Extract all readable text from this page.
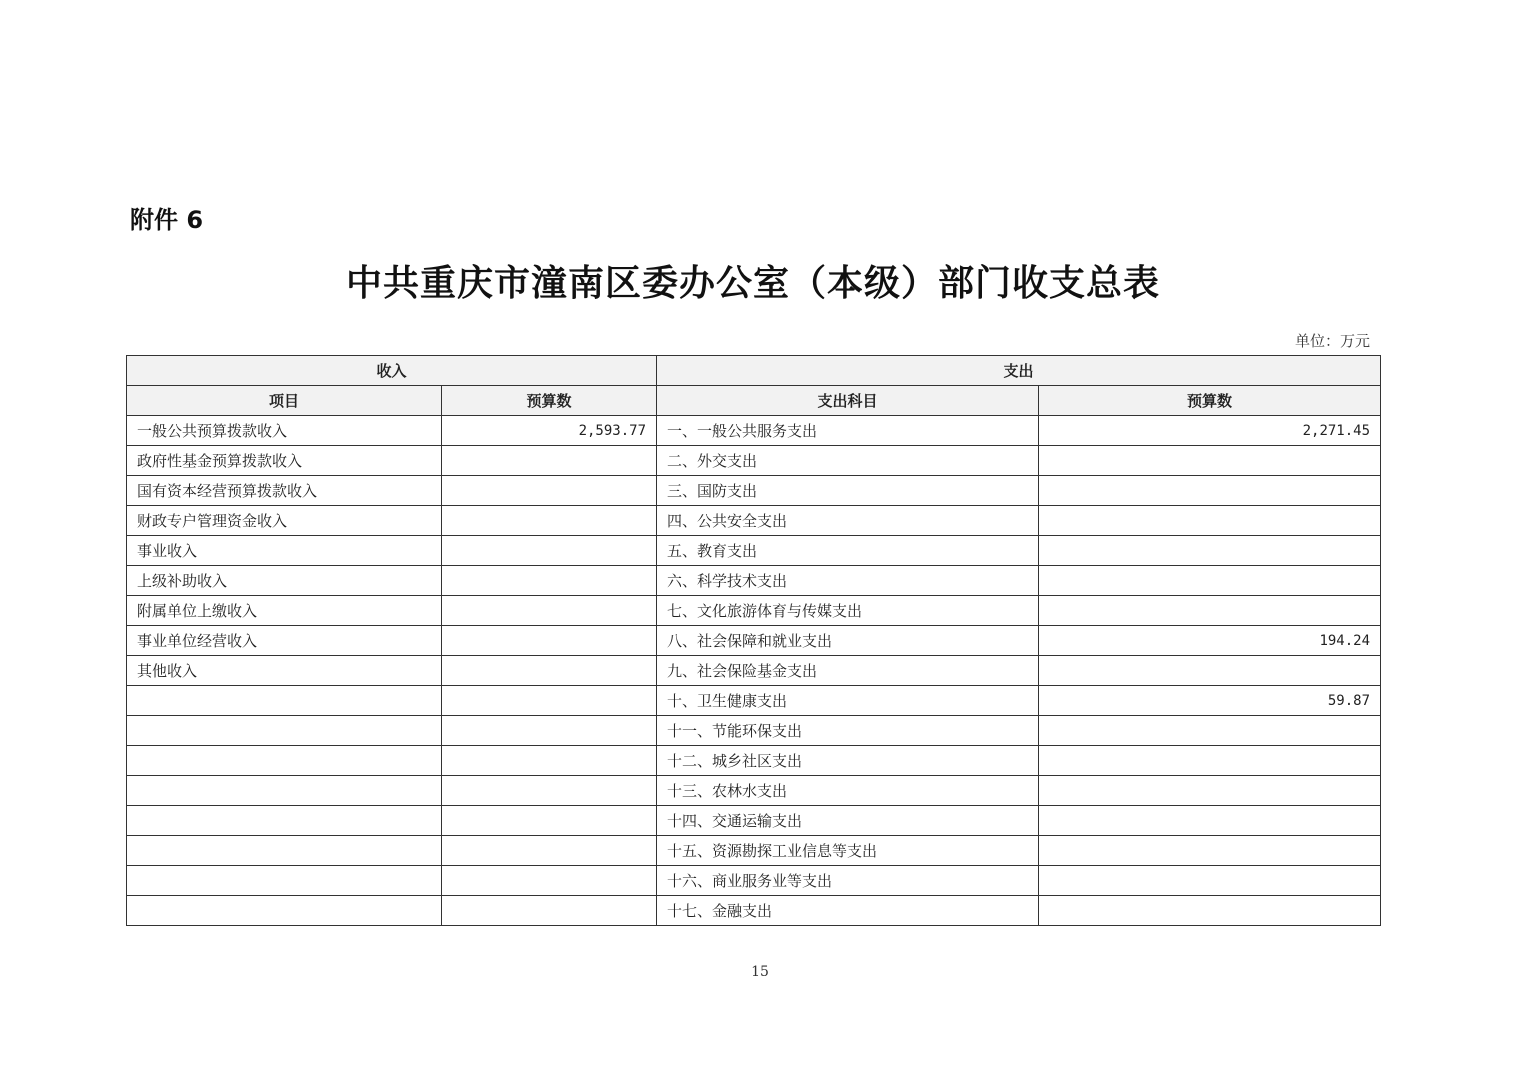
附件 6
中共重庆市潼南区委办公室（本级）部门收支总表
单位：万元
收入		支出	
项目	预算数	支出科目	预算数
一般公共预算拨款收入	2,593.77	一、一般公共服务支出	2,271.45
政府性基金预算拨款收入		二、外交支出	
国有资本经营预算拨款收入		三、国防支出	
财政专户管理资金收入		四、公共安全支出	
事业收入		五、教育支出	
上级补助收入		六、科学技术支出	
附属单位上缴收入		七、文化旅游体育与传媒支出	
事业单位经营收入		八、社会保障和就业支出	194.24
其他收入		九、社会保险基金支出	
		十、卫生健康支出	59.87
		十一、节能环保支出	
		十二、城乡社区支出	
		十三、农林水支出	
		十四、交通运输支出	
		十五、资源勘探工业信息等支出	
		十六、商业服务业等支出	
		十七、金融支出	
15
